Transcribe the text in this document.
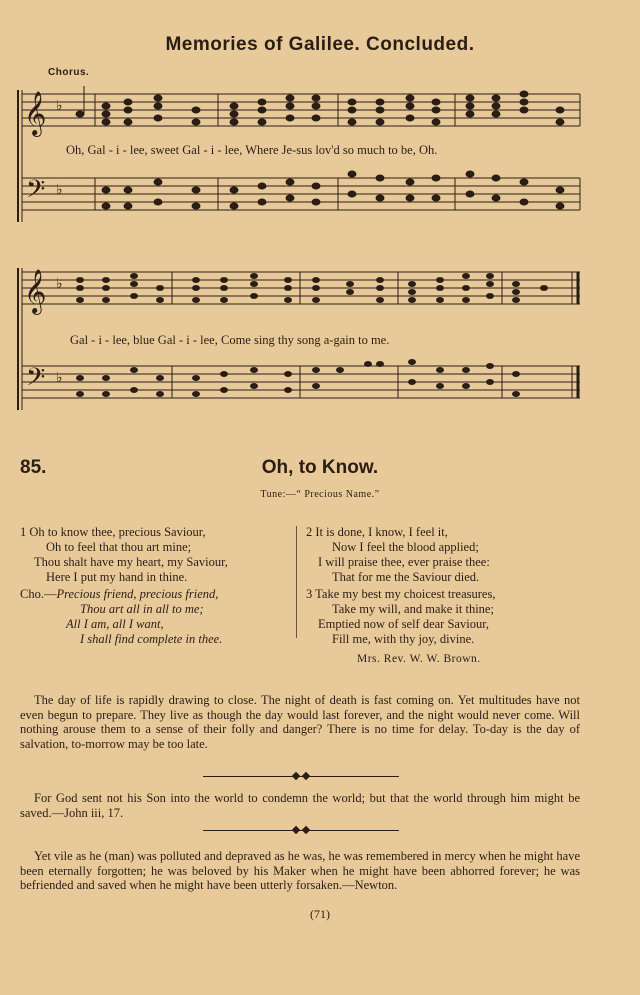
Memories of Galilee. Concluded.
Chorus.
𝄞
𝄢
♭
♭
Oh, Gal - i - lee, sweet Gal - i - lee, Where Je-sus lov'd so much to be, Oh.
𝄞
𝄢
♭
♭
Gal - i - lee, blue Gal - i - lee, Come sing thy song a-gain to me.
85.	Oh, to Know.
Tune:—“ Precious Name.”
1 Oh to know thee, precious Saviour,
Oh to feel that thou art mine;
Thou shalt have my heart, my Saviour,
Here I put my hand in thine.
Cho.—Precious friend, precious friend,
Thou art all in all to me;
All I am, all I want,
I shall find complete in thee.
2 It is done, I know, I feel it,
Now I feel the blood applied;
I will praise thee, ever praise thee:
That for me the Saviour died.
3 Take my best my choicest treasures,
Take my will, and make it thine;
Emptied now of self dear Saviour,
Fill me, with thy joy, divine.
Mrs. Rev. W. W. Brown.
The day of life is rapidly drawing to close. The night of death is fast coming on. Yet multitudes have not even begun to prepare. They live as though the day would last forever, and the night would never come. Will nothing arouse them to a sense of their folly and danger? There is no time for delay. To-day is the day of salvation, to-morrow may be too late.
For God sent not his Son into the world to condemn the world; but that the world through him might be saved.—John iii, 17.
Yet vile as he (man) was polluted and depraved as he was, he was remembered in mercy when he might have been eternally forgotten; he was beloved by his Maker when he might have been abhorred forever; he was befriended and saved when he might have been utterly forsaken.—Newton.
(71)
